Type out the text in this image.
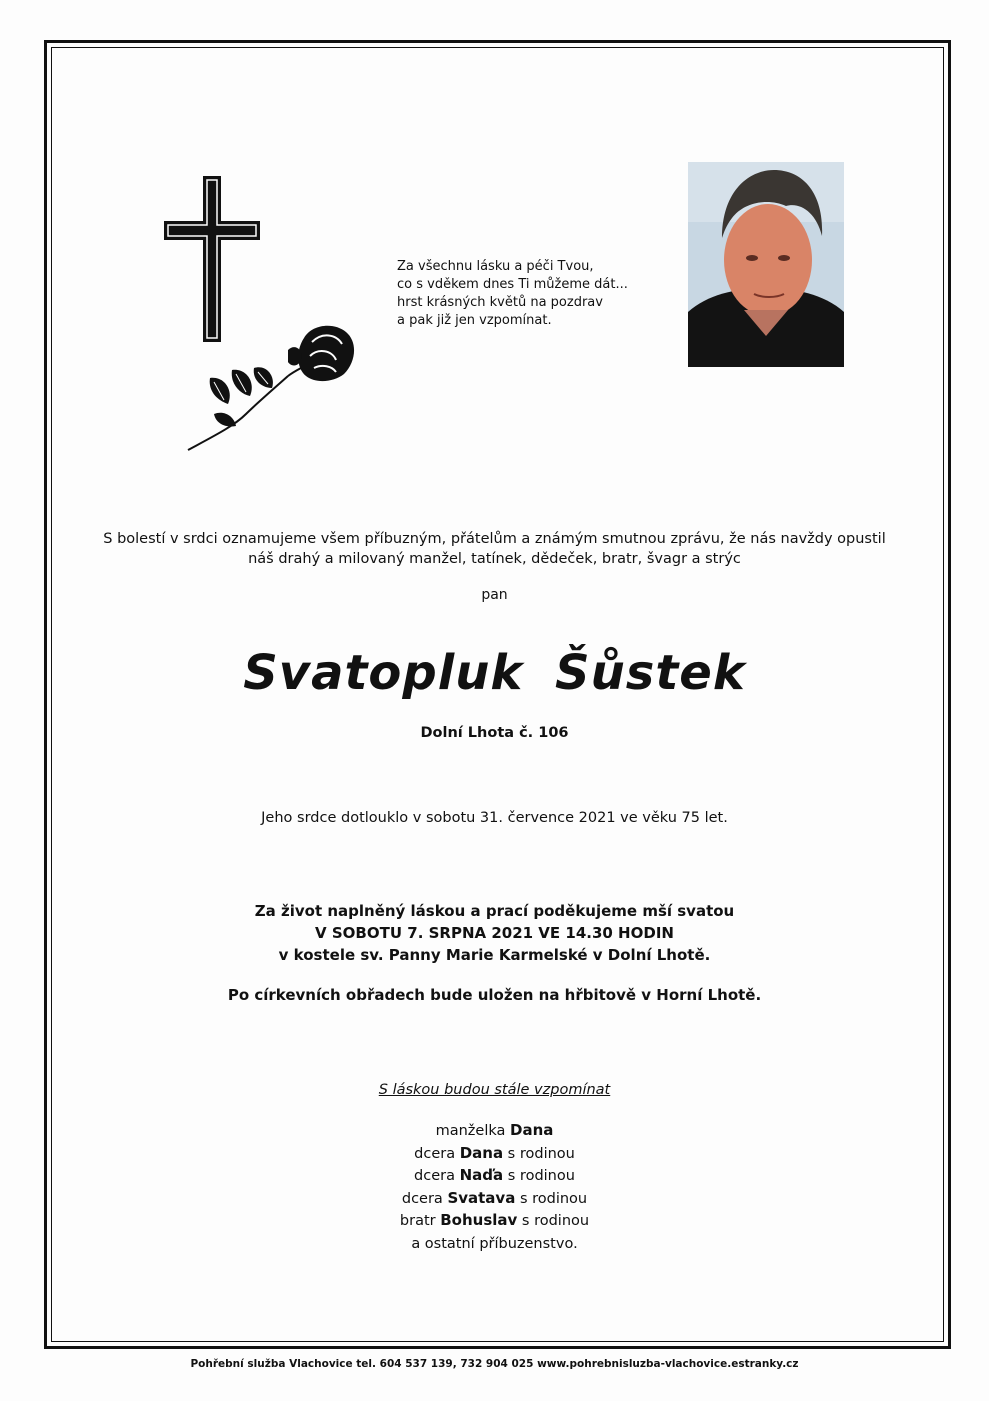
Za všechnu lásku a péči Tvou,
co s vděkem dnes Ti můžeme dát...
hrst krásných květů na pozdrav
a pak již jen vzpomínat.
S bolestí v srdci oznamujeme všem příbuzným, přátelům a známým smutnou zprávu, že nás navždy opustil
náš drahý a milovaný manžel, tatínek, dědeček, bratr, švagr a strýc
pan
Svatopluk Šůstek
Dolní Lhota č. 106
Jeho srdce dotlouklo v sobotu 31. července 2021 ve věku 75 let.
Za život naplněný láskou a prací poděkujeme mší svatou
V SOBOTU 7. SRPNA 2021 VE 14.30 HODIN
v kostele sv. Panny Marie Karmelské v Dolní Lhotě.
Po církevních obřadech bude uložen na hřbitově v Horní Lhotě.
S láskou budou stále vzpomínat
manželka Dana
dcera Dana s rodinou
dcera Naďa s rodinou
dcera Svatava s rodinou
bratr Bohuslav s rodinou
a ostatní příbuzenstvo.
Pohřební služba Vlachovice tel. 604 537 139, 732 904 025 www.pohrebnisluzba-vlachovice.estranky.cz
